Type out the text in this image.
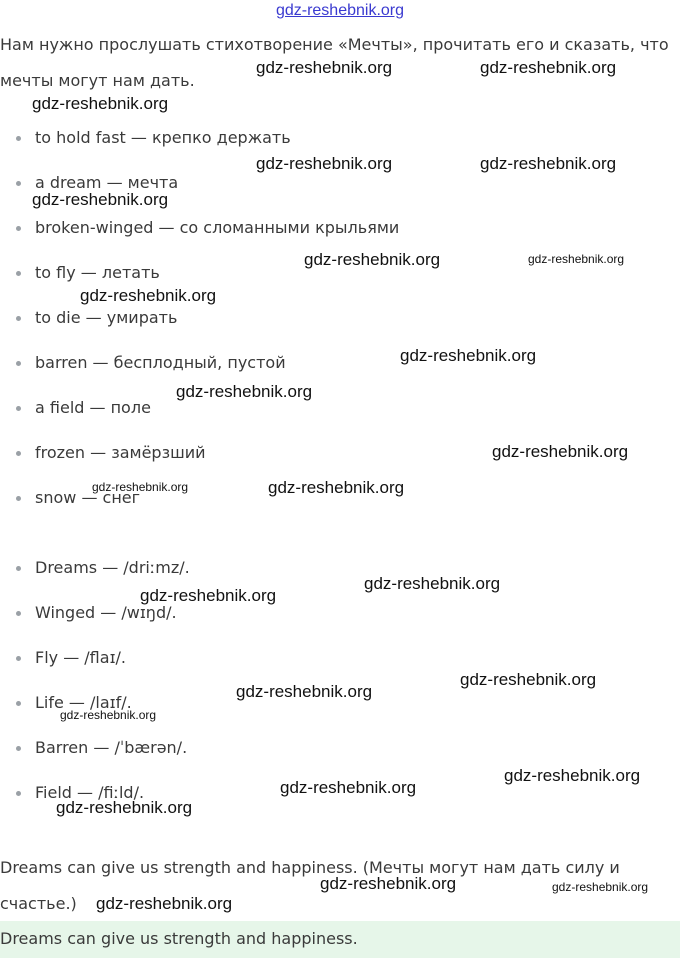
gdz-reshebnik.org
Нам нужно прослушать стихотворение «Мечты», прочитать его и сказать, что мечты могут нам дать.
to hold fast — крепко держать
a dream — мечта
broken-winged — со сломанными крыльями
to fly — летать
to die — умирать
barren — бесплодный, пустой
a field — поле
frozen — замёрзший
snow — снег
Dreams — /driːmz/.
Winged — /wɪŋd/.
Fly — /flaɪ/.
Life — /laɪf/.
Barren — /ˈbærən/.
Field — /fiːld/.
Dreams can give us strength and happiness. (Мечты могут нам дать силу и счастье.)
Dreams can give us strength and happiness.
gdz-reshebnik.org	gdz-reshebnik.org
gdz-reshebnik.org
gdz-reshebnik.org	gdz-reshebnik.org
gdz-reshebnik.org
gdz-reshebnik.org	gdz-reshebnik.org
gdz-reshebnik.org
gdz-reshebnik.org
gdz-reshebnik.org
gdz-reshebnik.org
gdz-reshebnik.org	gdz-reshebnik.org
gdz-reshebnik.org
gdz-reshebnik.org
gdz-reshebnik.org
gdz-reshebnik.org
gdz-reshebnik.org
gdz-reshebnik.org
gdz-reshebnik.org
gdz-reshebnik.org
gdz-reshebnik.org	gdz-reshebnik.org
gdz-reshebnik.org
